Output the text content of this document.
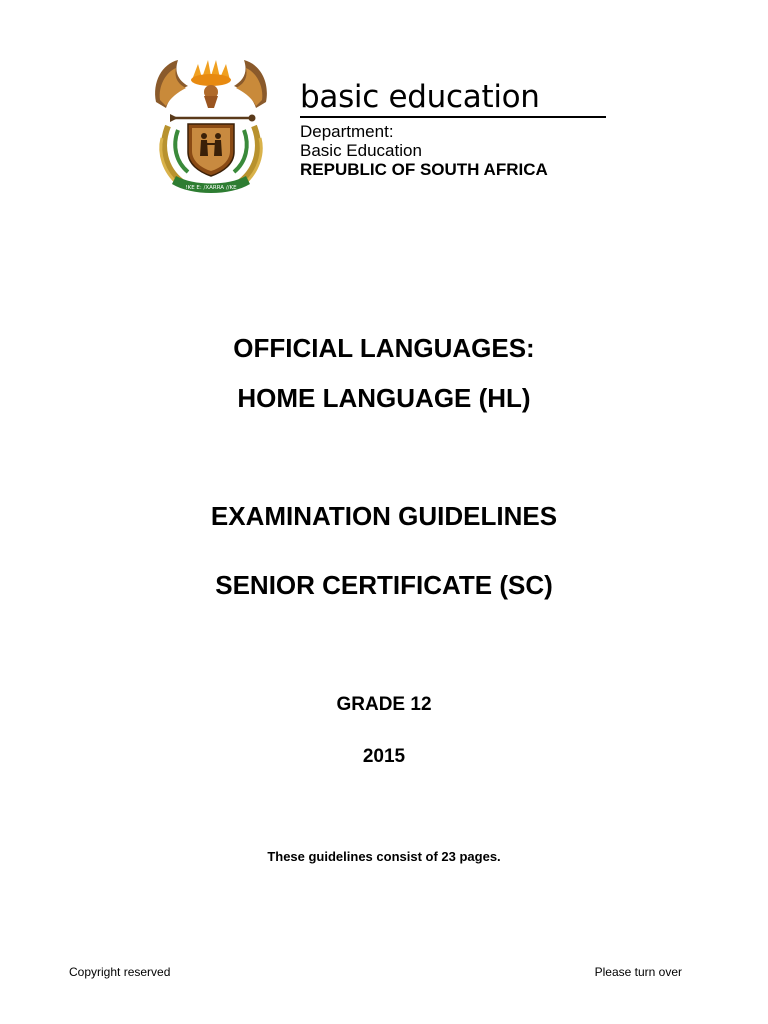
!KE E: /XARRA //KE
basic education
Department:
Basic Education
REPUBLIC OF SOUTH AFRICA
OFFICIAL LANGUAGES:
HOME LANGUAGE (HL)
EXAMINATION GUIDELINES
SENIOR CERTIFICATE (SC)
GRADE 12
2015
These guidelines consist of 23 pages.
Copyright reserved	Please turn over
